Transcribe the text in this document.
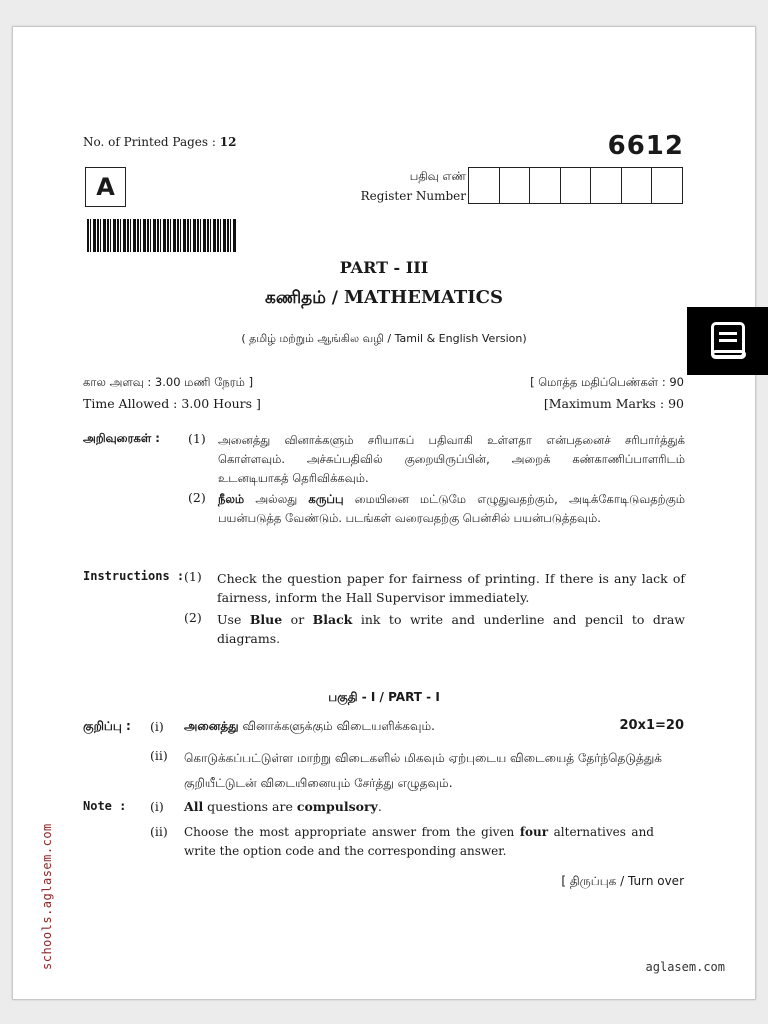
No. of Printed Pages : 12	6612
பதிவு எண்
Register Number
A
PART - III
கணிதம் / MATHEMATICS
( தமிழ் மற்றும் ஆங்கில வழி / Tamil & English Version)
கால அளவு : 3.00 மணி நேரம் ]
Time Allowed : 3.00 Hours ]
[ மொத்த மதிப்பெண்கள் : 90
[Maximum Marks : 90
அறிவுரைகள் : (1) அனைத்து வினாக்களும் சரியாகப் பதிவாகி உள்ளதா என்பதனைச் சரிபார்த்துக் கொள்ளவும். அச்சுப்பதிவில் குறையிருப்பின், அறைக் கண்காணிப்பாளரிடம் உடனடியாகத் தெரிவிக்கவும்.
(2) நீலம் அல்லது கருப்பு மையினை மட்டுமே எழுதுவதற்கும், அடிக்கோடிடுவதற்கும் பயன்படுத்த வேண்டும். படங்கள் வரைவதற்கு பென்சில் பயன்படுத்தவும்.
Instructions : (1) Check the question paper for fairness of printing. If there is any lack of fairness, inform the Hall Supervisor immediately.
(2) Use Blue or Black ink to write and underline and pencil to draw diagrams.
பகுதி - I / PART - I
குறிப்பு : (i) அனைத்து வினாக்களுக்கும் விடையளிக்கவும்.	20x1=20
(ii) கொடுக்கப்பட்டுள்ள மாற்று விடைகளில் மிகவும் ஏற்புடைய விடையைத் தேர்ந்தெடுத்துக் குறியீட்டுடன் விடையினையும் சேர்த்து எழுதவும்.
Note : (i) All questions are compulsory.
(ii) Choose the most appropriate answer from the given four alternatives and write the option code and the corresponding answer.
[ திருப்புக / Turn over
schools.aglasem.com	aglasem.com
